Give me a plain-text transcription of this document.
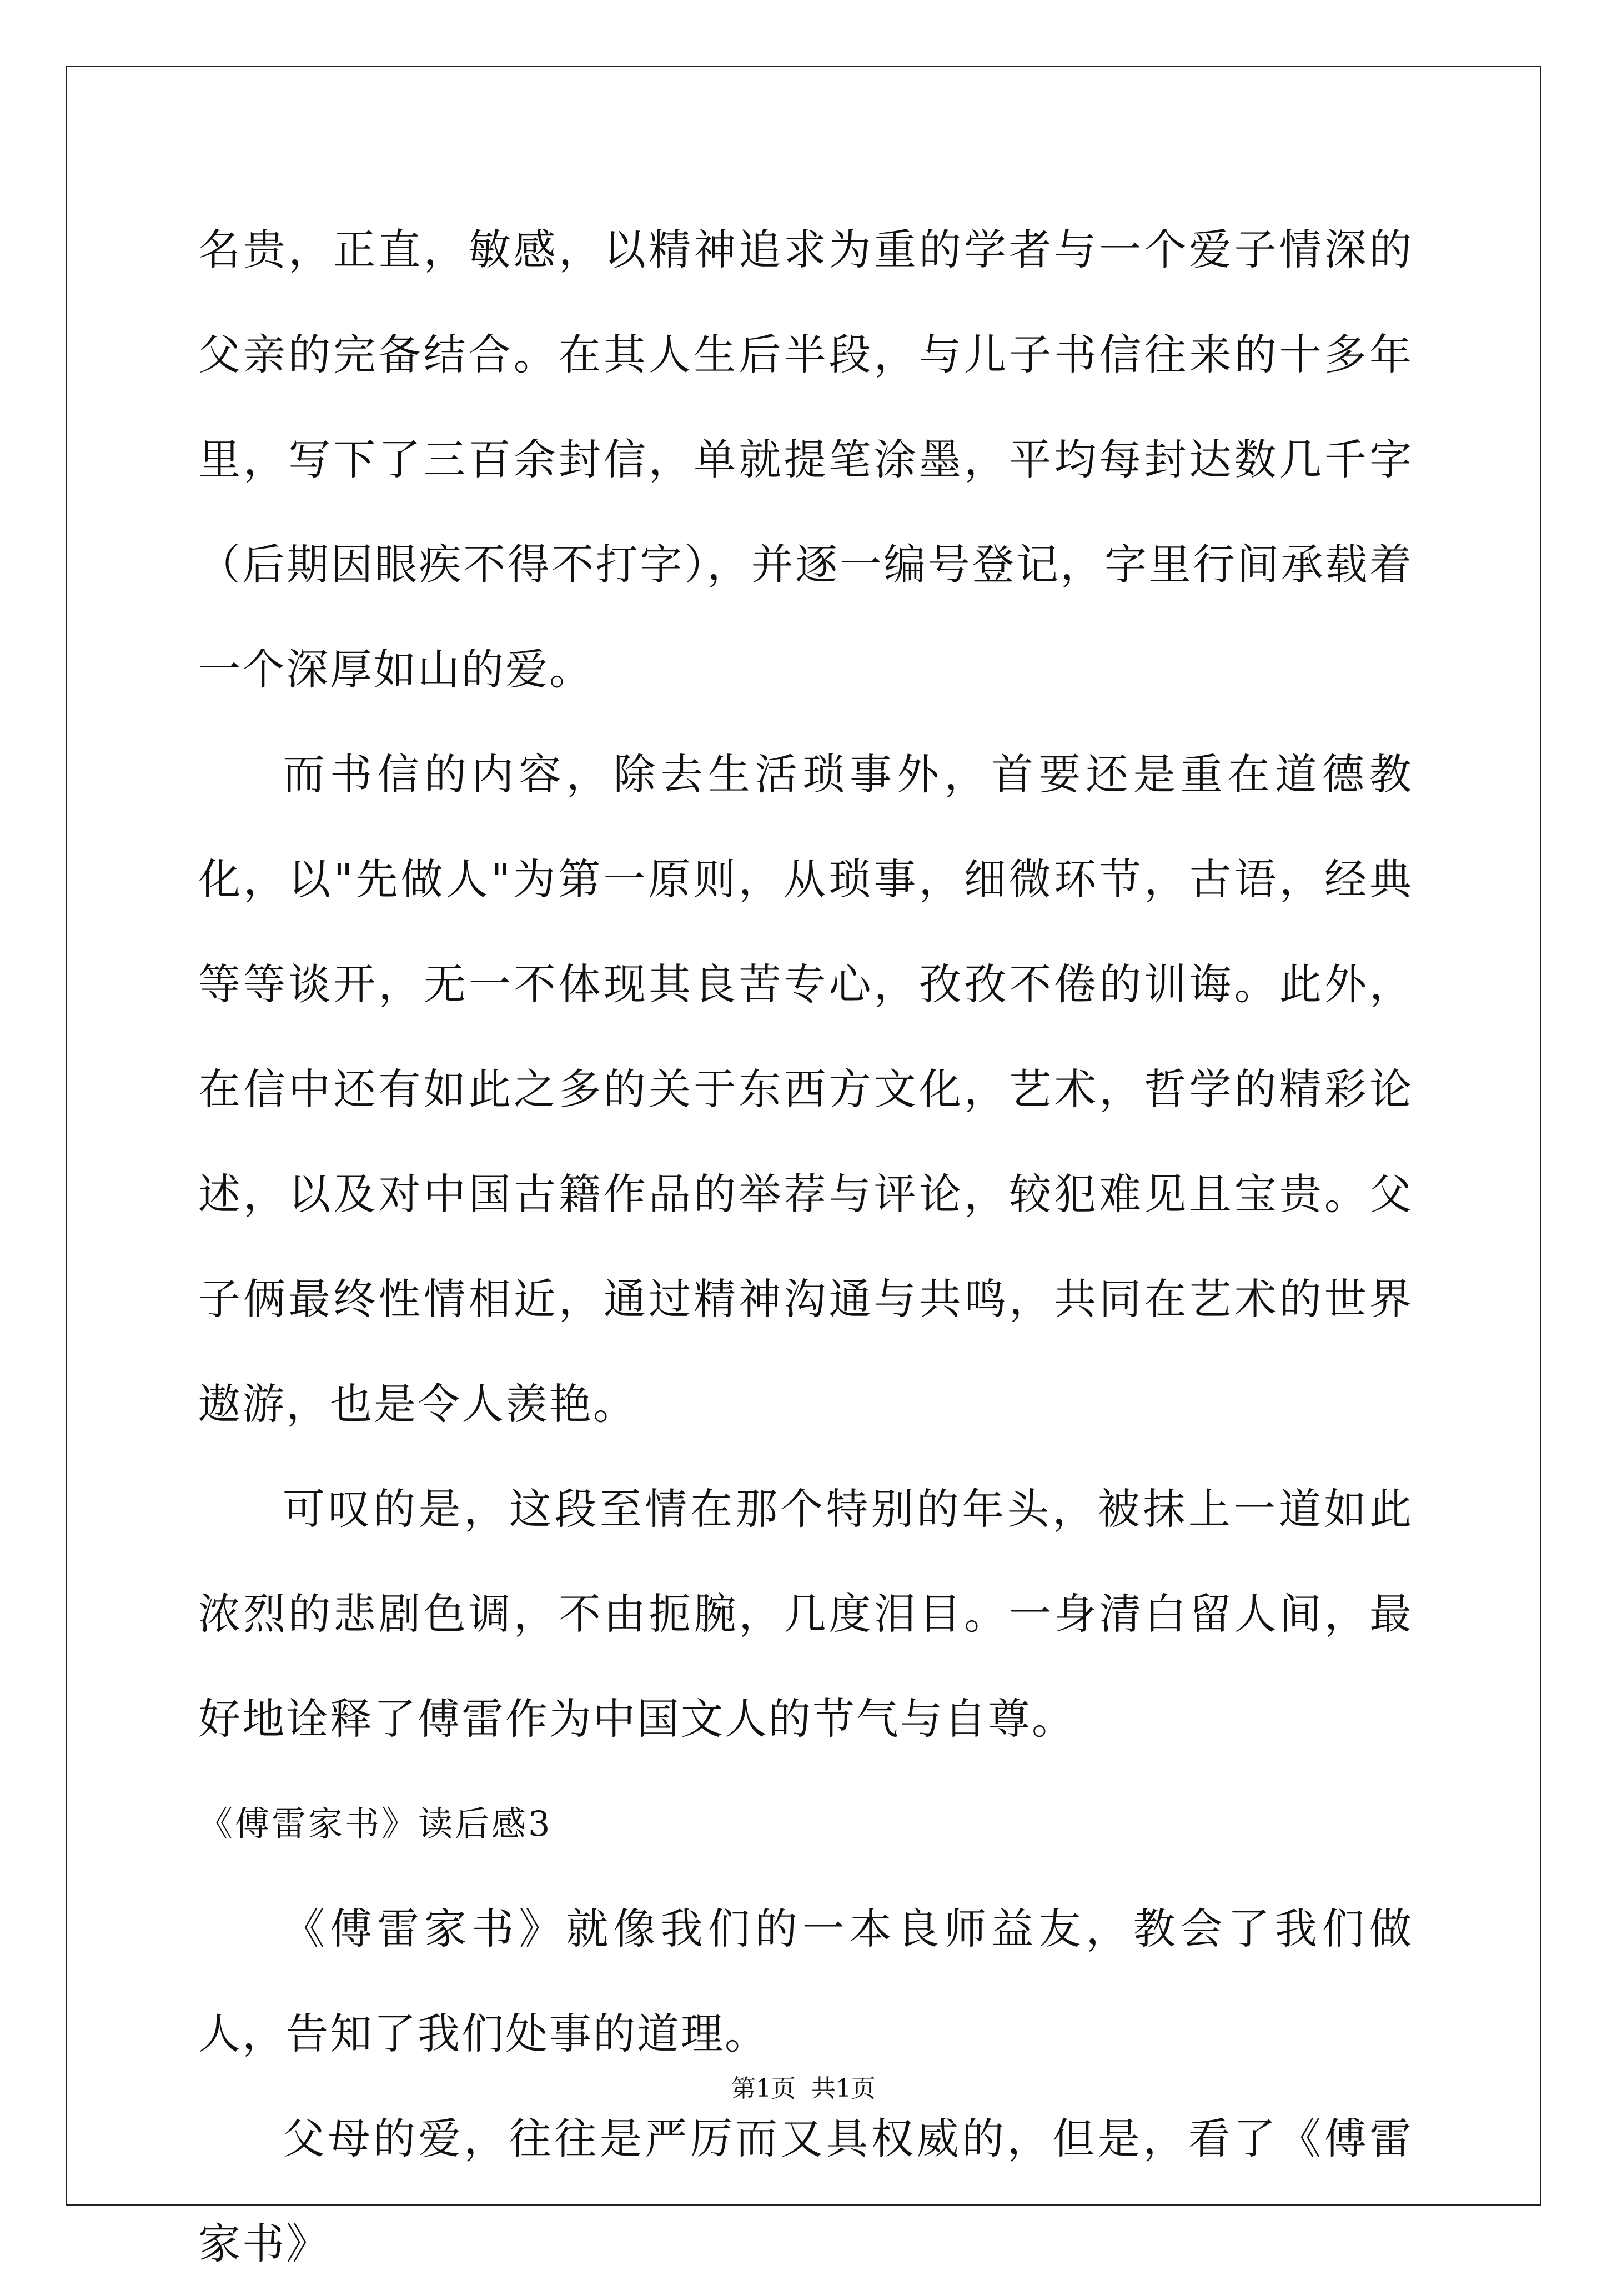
名贵，正直，敏感，以精神追求为重的学者与一个爱子情深的父亲的完备结合。在其人生后半段，与儿子书信往来的十多年里，写下了三百余封信，单就提笔涂墨，平均每封达数几千字（后期因眼疾不得不打字），并逐一编号登记，字里行间承载着一个深厚如山的爱。

而书信的内容，除去生活琐事外，首要还是重在道德教化，以"先做人"为第一原则，从琐事，细微环节，古语，经典等等谈开，无一不体现其良苦专心，孜孜不倦的训诲。此外，在信中还有如此之多的关于东西方文化，艺术，哲学的精彩论述，以及对中国古籍作品的举荐与评论，较犯难见且宝贵。父子俩最终性情相近，通过精神沟通与共鸣，共同在艺术的世界遨游，也是令人羡艳。

可叹的是，这段至情在那个特别的年头，被抹上一道如此浓烈的悲剧色调，不由扼腕，几度泪目。一身清白留人间，最好地诠释了傅雷作为中国文人的节气与自尊。

《傅雷家书》读后感3

《傅雷家书》就像我们的一本良师益友，教会了我们做人，告知了我们处事的道理。

父母的爱，往往是严厉而又具权威的，但是，看了《傅雷家书》

第1页  共1页
